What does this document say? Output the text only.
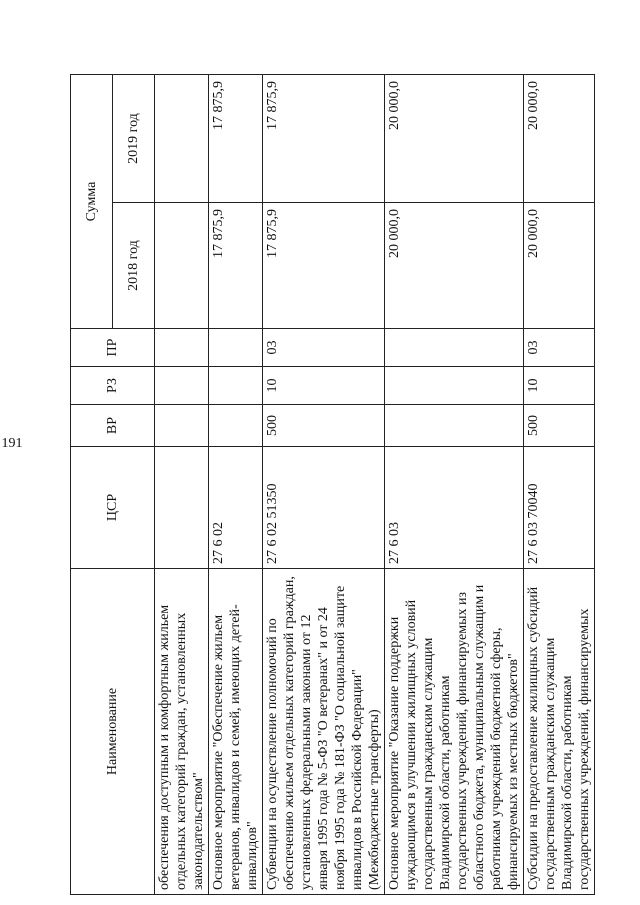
191
Наименование	ЦСР	ВР	РЗ	ПР	Сумма	
					2018 год	2019 год
обеспечения доступным и комфортным жильем отдельных категорий граждан, установленных законодательством"						
Основное мероприятие "Обеспечение жильем ветеранов, инвалидов и семей, имеющих детей-инвалидов"	27 6 02				17 875,9	17 875,9
Субвенции на осуществление полномочий по обеспечению жильем отдельных категорий граждан, установленных федеральными законами от 12 января 1995 года № 5-ФЗ "О ветеранах" и от 24 ноября 1995 года № 181-ФЗ "О социальной защите инвалидов в Российской Федерации" (Межбюджетные трансферты)	27 6 02 51350	500	10	03	17 875,9	17 875,9
Основное мероприятие "Оказание поддержки нуждающимся в улучшении жилищных условий государственным гражданским служащим Владимирской области, работникам государственных учреждений, финансируемых из областного бюджета, муниципальным служащим и работникам учреждений бюджетной сферы, финансируемых из местных бюджетов"	27 6 03				20 000,0	20 000,0
Субсидии на предоставление жилищных субсидий государственным гражданским служащим Владимирской области, работникам государственных учреждений, финансируемых	27 6 03 70040	500	10	03	20 000,0	20 000,0
